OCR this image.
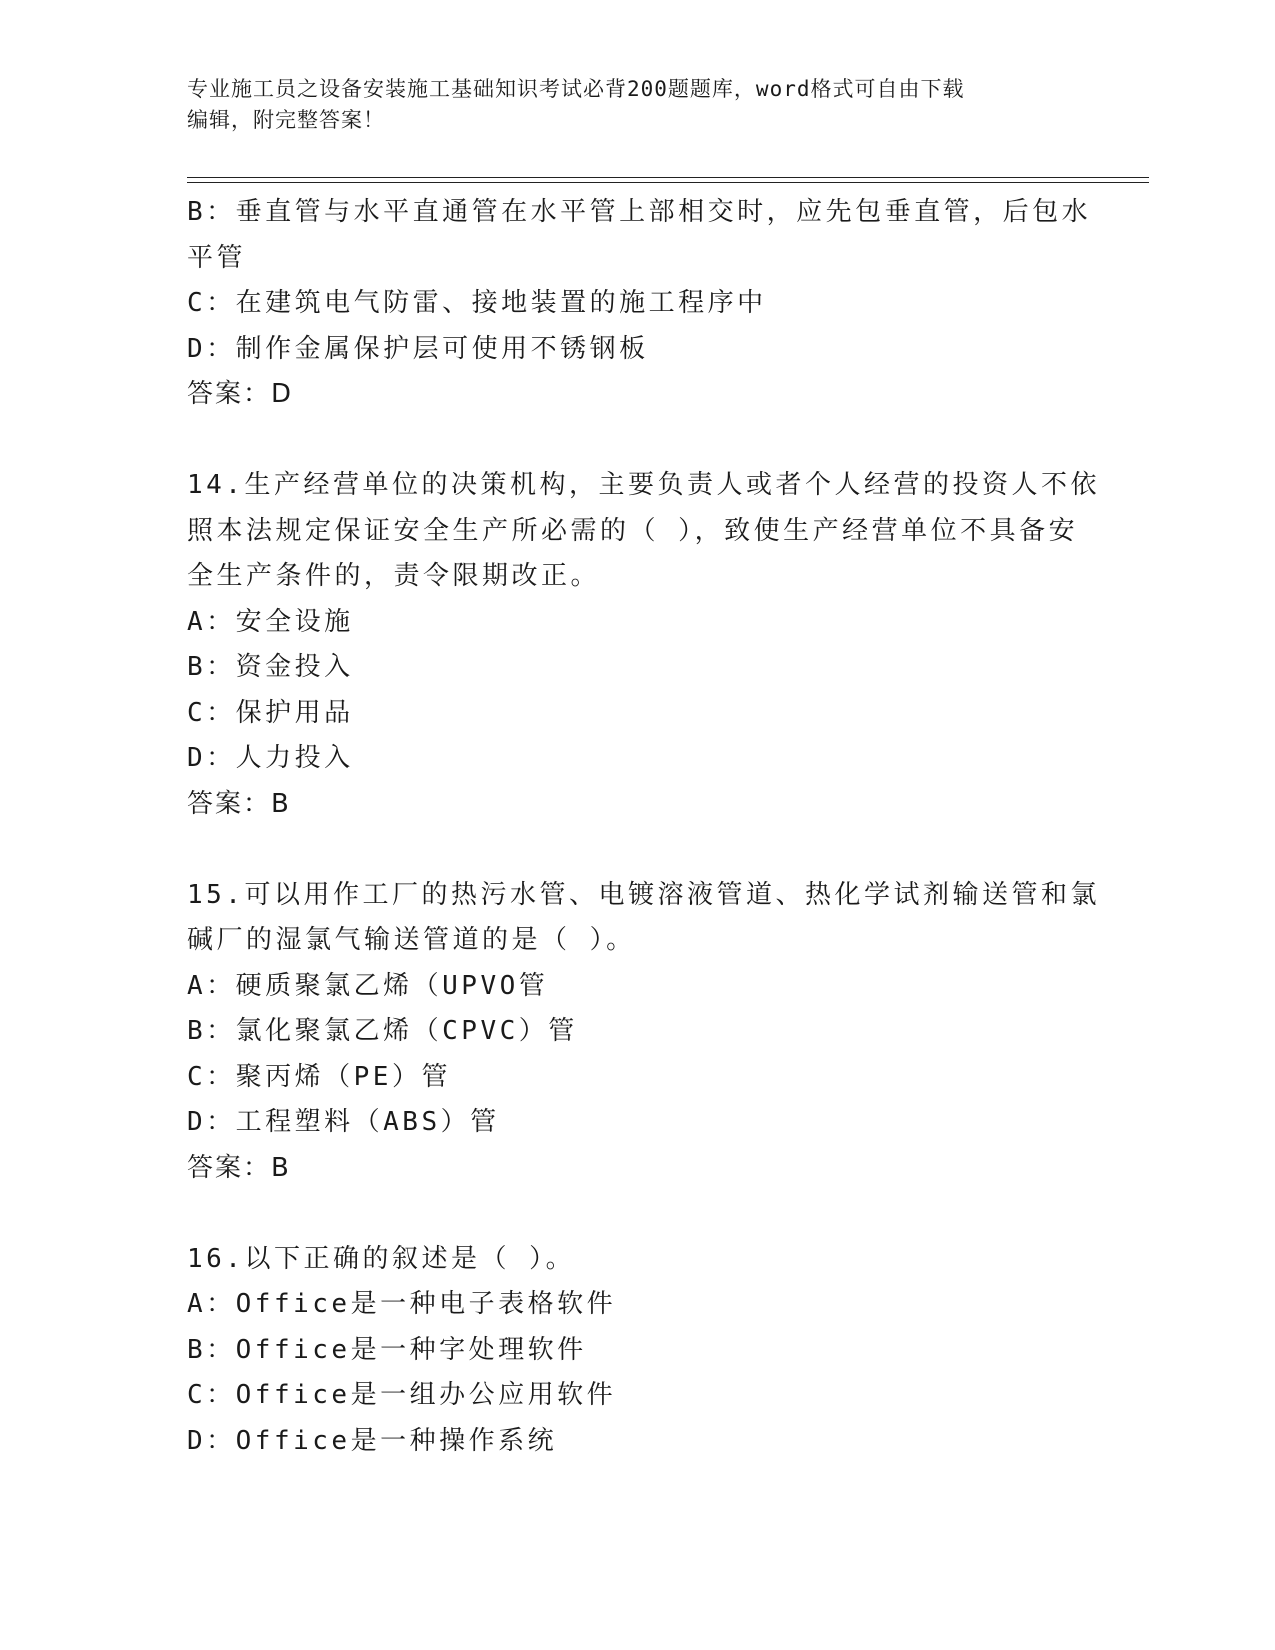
专业施工员之设备安装施工基础知识考试必背200题题库，word格式可自由下载
编辑，附完整答案！
B：垂直管与水平直通管在水平管上部相交时，应先包垂直管，后包水
平管
C：在建筑电气防雷、接地装置的施工程序中
D：制作金属保护层可使用不锈钢板
答案：D
14.生产经营单位的决策机构，主要负责人或者个人经营的投资人不依
照本法规定保证安全生产所必需的（ ），致使生产经营单位不具备安
全生产条件的，责令限期改正。
A：安全设施
B：资金投入
C：保护用品
D：人力投入
答案：B
15.可以用作工厂的热污水管、电镀溶液管道、热化学试剂输送管和氯
碱厂的湿氯气输送管道的是（ ）。
A：硬质聚氯乙烯（UPVO管
B：氯化聚氯乙烯（CPVC）管
C：聚丙烯（PE）管
D：工程塑料（ABS）管
答案：B
16.以下正确的叙述是（ ）。
A：Office是一种电子表格软件
B：Office是一种字处理软件
C：Office是一组办公应用软件
D：Office是一种操作系统
